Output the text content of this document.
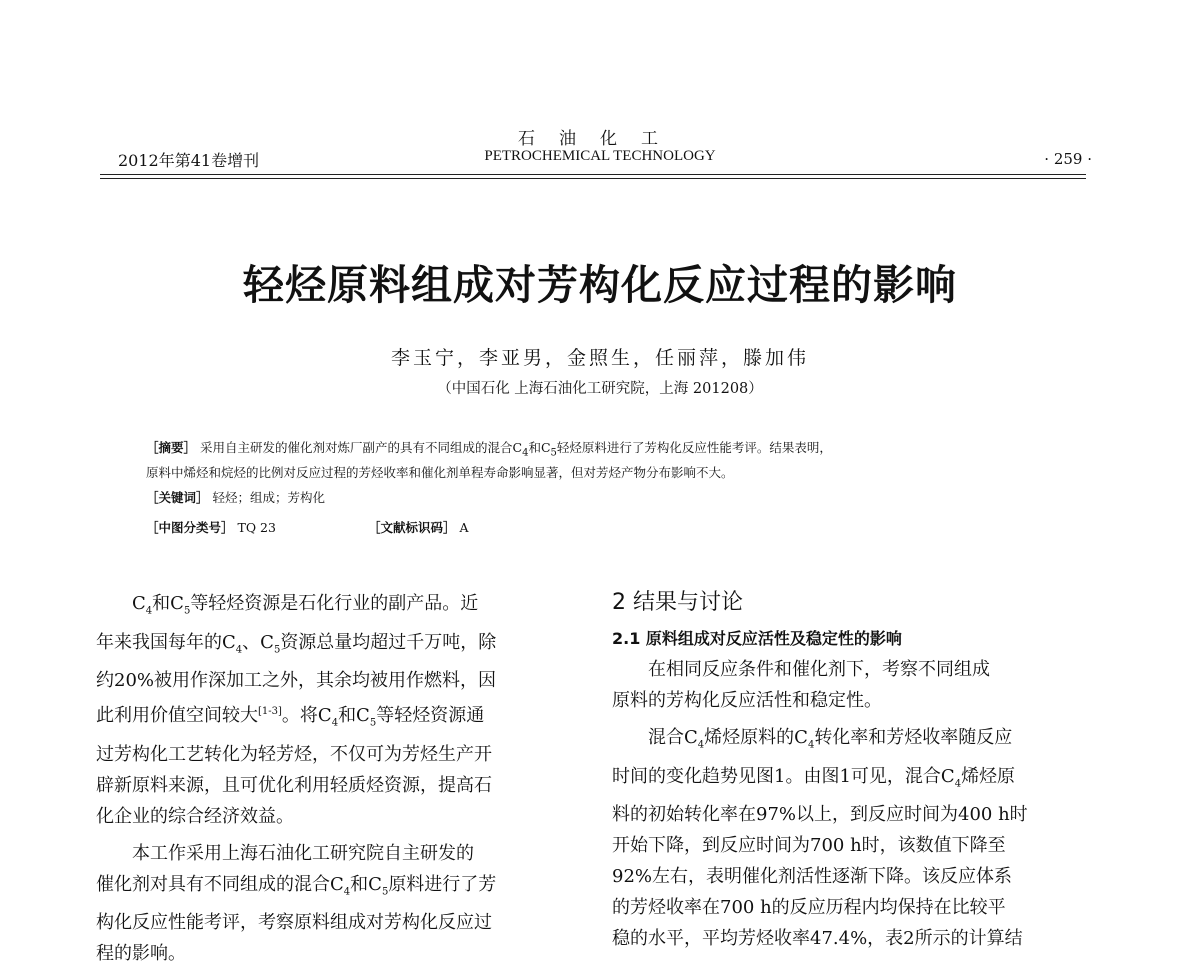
2012年第41卷增刊
石油化工
PETROCHEMICAL TECHNOLOGY	· 259 ·
轻烃原料组成对芳构化反应过程的影响
李玉宁，李亚男，金照生，任丽萍，滕加伟
（中国石化 上海石油化工研究院，上海 201208）
［摘要］ 采用自主研发的催化剂对炼厂副产的具有不同组成的混合$C_4$和$C_5$轻烃原料进行了芳构化反应性能考评。结果表明，
原料中烯烃和烷烃的比例对反应过程的芳烃收率和催化剂单程寿命影响显著，但对芳烃产物分布影响不大。
［关键词］ 轻烃；组成；芳构化
［中图分类号］ TQ 23	［文献标识码］ A

$C_4$和$C_5$等轻烃资源是石化行业的副产品。近

年来我国每年的$C_4$、$C_5$资源总量均超过千万吨，除

约20%被用作深加工之外，其余均被用作燃料，因

此利用价值空间较大[1-3]。将$C_4$和$C_5$等轻烃资源通

过芳构化工艺转化为轻芳烃，不仅可为芳烃生产开

辟新原料来源，且可优化利用轻质烃资源，提高石

化企业的综合经济效益。

本工作采用上海石油化工研究院自主研发的

催化剂对具有不同组成的混合$C_4$和$C_5$原料进行了芳

构化反应性能考评，考察原料组成对芳构化反应过

程的影响。

2 结果与讨论

2.1 原料组成对反应活性及稳定性的影响

在相同反应条件和催化剂下，考察不同组成

原料的芳构化反应活性和稳定性。

混合$C_4$烯烃原料的$C_4$转化率和芳烃收率随反应

时间的变化趋势见图1。由图1可见，混合$C_4$烯烃原

料的初始转化率在97%以上，到反应时间为400 h时

开始下降，到反应时间为700 h时，该数值下降至

92%左右，表明催化剂活性逐渐下降。该反应体系

的芳烃收率在700 h的反应历程内均保持在比较平

稳的水平，平均芳烃收率47.4%，表2所示的计算结
